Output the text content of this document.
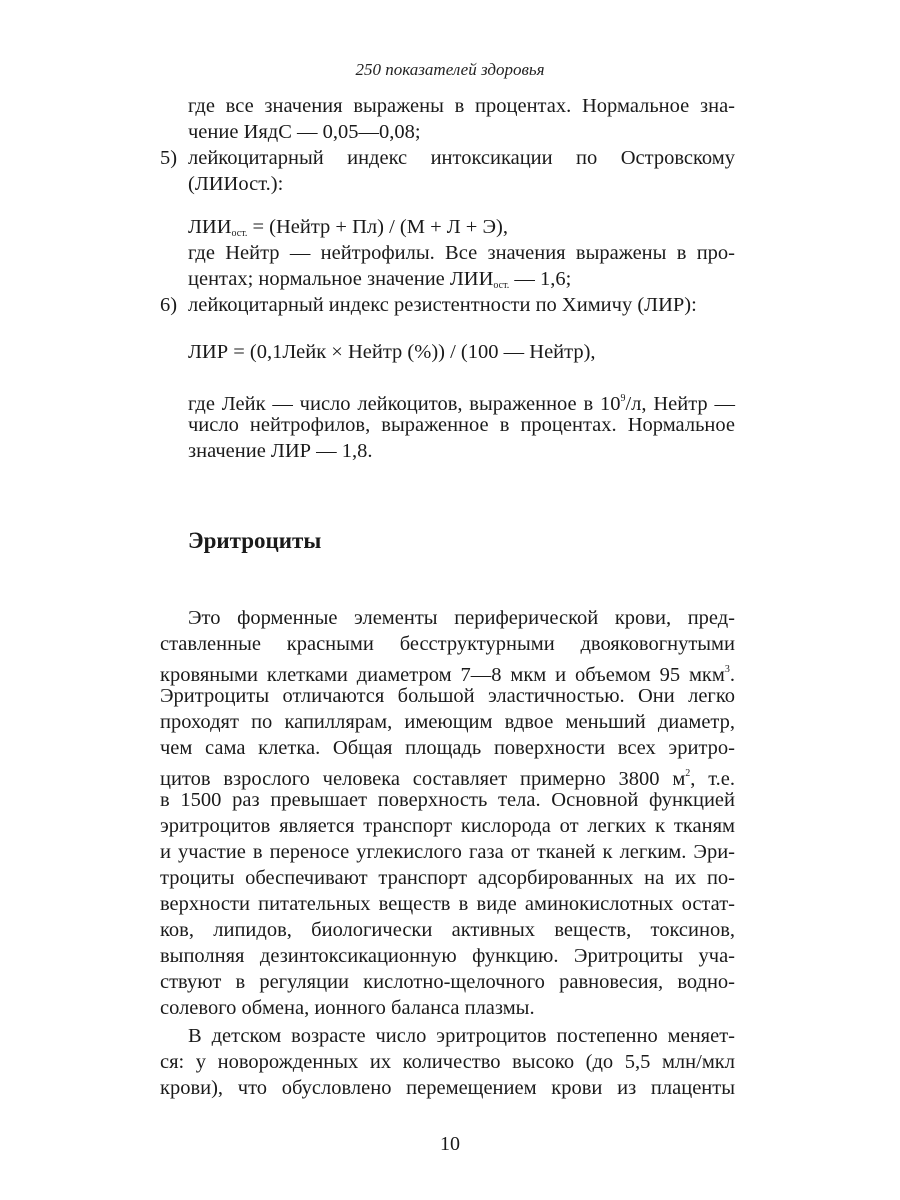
250 показателей здоровья
где все значения выражены в процентах. Нормальное зна-
чение ИядС — 0,05—0,08;
5) лейкоцитарный индекс интоксикации по Островскому
(ЛИИост.):
$ЛИИ_{ост.}$ = (Нейтр + Пл) / (М + Л + Э),
где Нейтр — нейтрофилы. Все значения выражены в про-
центах; нормальное значение $ЛИИ_{ост.}$ — 1,6;
6) лейкоцитарный индекс резистентности по Химичу (ЛИР):
ЛИР = (0,1Лейк × Нейтр (%)) / (100 — Нейтр),
где Лейк — число лейкоцитов, выраженное в $10^9/л$, Нейтр —
число нейтрофилов, выраженное в процентах. Нормальное
значение ЛИР — 1,8.
Эритроциты
Это форменные элементы периферической крови, пред-
ставленные красными бесструктурными двояковогнутыми
кровяными клетками диаметром 7—8 мкм и объемом 95 мкм$^3$.
Эритроциты отличаются большой эластичностью. Они легко
проходят по капиллярам, имеющим вдвое меньший диаметр,
чем сама клетка. Общая площадь поверхности всех эритро-
цитов взрослого человека составляет примерно 3800 $м^2$, т.е.
в 1500 раз превышает поверхность тела. Основной функцией
эритроцитов является транспорт кислорода от легких к тканям
и участие в переносе углекислого газа от тканей к легким. Эри-
троциты обеспечивают транспорт адсорбированных на их по-
верхности питательных веществ в виде аминокислотных остат-
ков, липидов, биологически активных веществ, токсинов,
выполняя дезинтоксикационную функцию. Эритроциты уча-
ствуют в регуляции кислотно-щелочного равновесия, водно-
солевого обмена, ионного баланса плазмы.
В детском возрасте число эритроцитов постепенно меняет-
ся: у новорожденных их количество высоко (до 5,5 млн/мкл
крови), что обусловлено перемещением крови из плаценты
10
